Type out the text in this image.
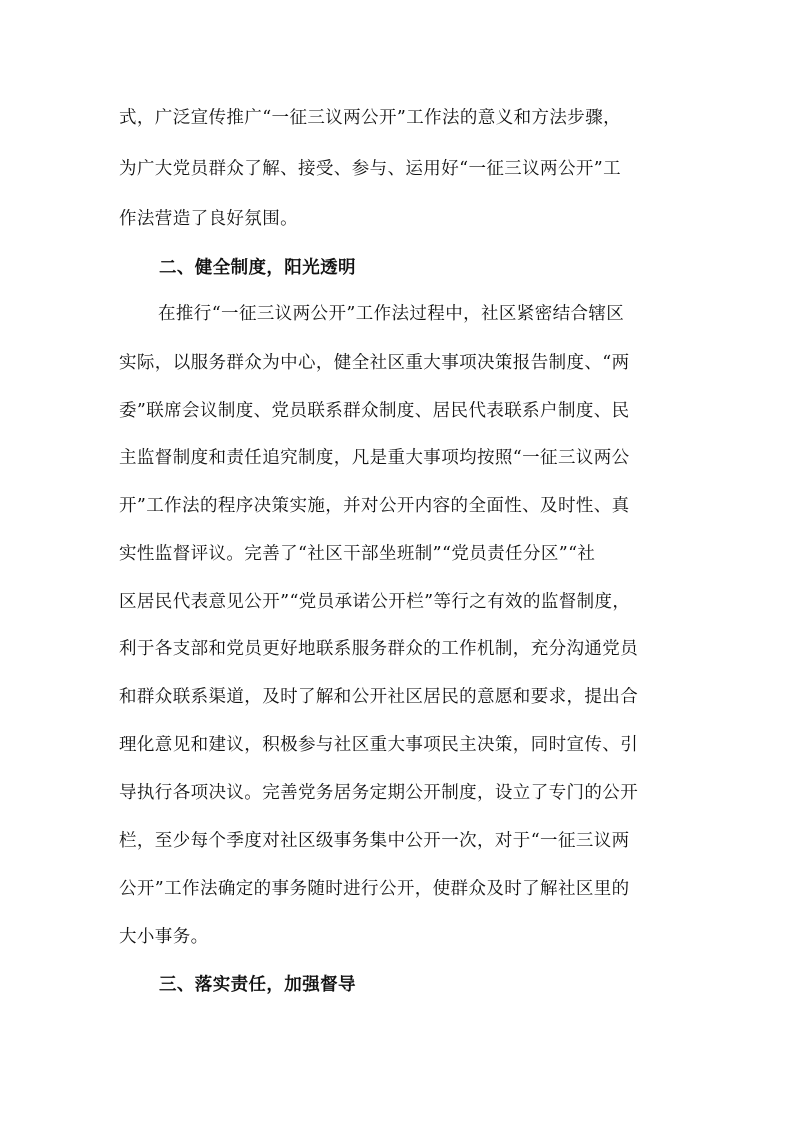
式，广泛宣传推广“一征三议两公开”工作法的意义和方法步骤，
为广大党员群众了解、接受、参与、运用好“一征三议两公开”工
作法营造了良好氛围。
二、健全制度，阳光透明
在推行“一征三议两公开”工作法过程中，社区紧密结合辖区
实际，以服务群众为中心，健全社区重大事项决策报告制度、“两
委”联席会议制度、党员联系群众制度、居民代表联系户制度、民
主监督制度和责任追究制度，凡是重大事项均按照“一征三议两公
开”工作法的程序决策实施，并对公开内容的全面性、及时性、真
实性监督评议。完善了“社区干部坐班制”“党员责任分区”“社
区居民代表意见公开”“党员承诺公开栏”等行之有效的监督制度，
利于各支部和党员更好地联系服务群众的工作机制，充分沟通党员
和群众联系渠道，及时了解和公开社区居民的意愿和要求，提出合
理化意见和建议，积极参与社区重大事项民主决策，同时宣传、引
导执行各项决议。完善党务居务定期公开制度，设立了专门的公开
栏，至少每个季度对社区级事务集中公开一次，对于“一征三议两
公开”工作法确定的事务随时进行公开，使群众及时了解社区里的
大小事务。
三、落实责任，加强督导
